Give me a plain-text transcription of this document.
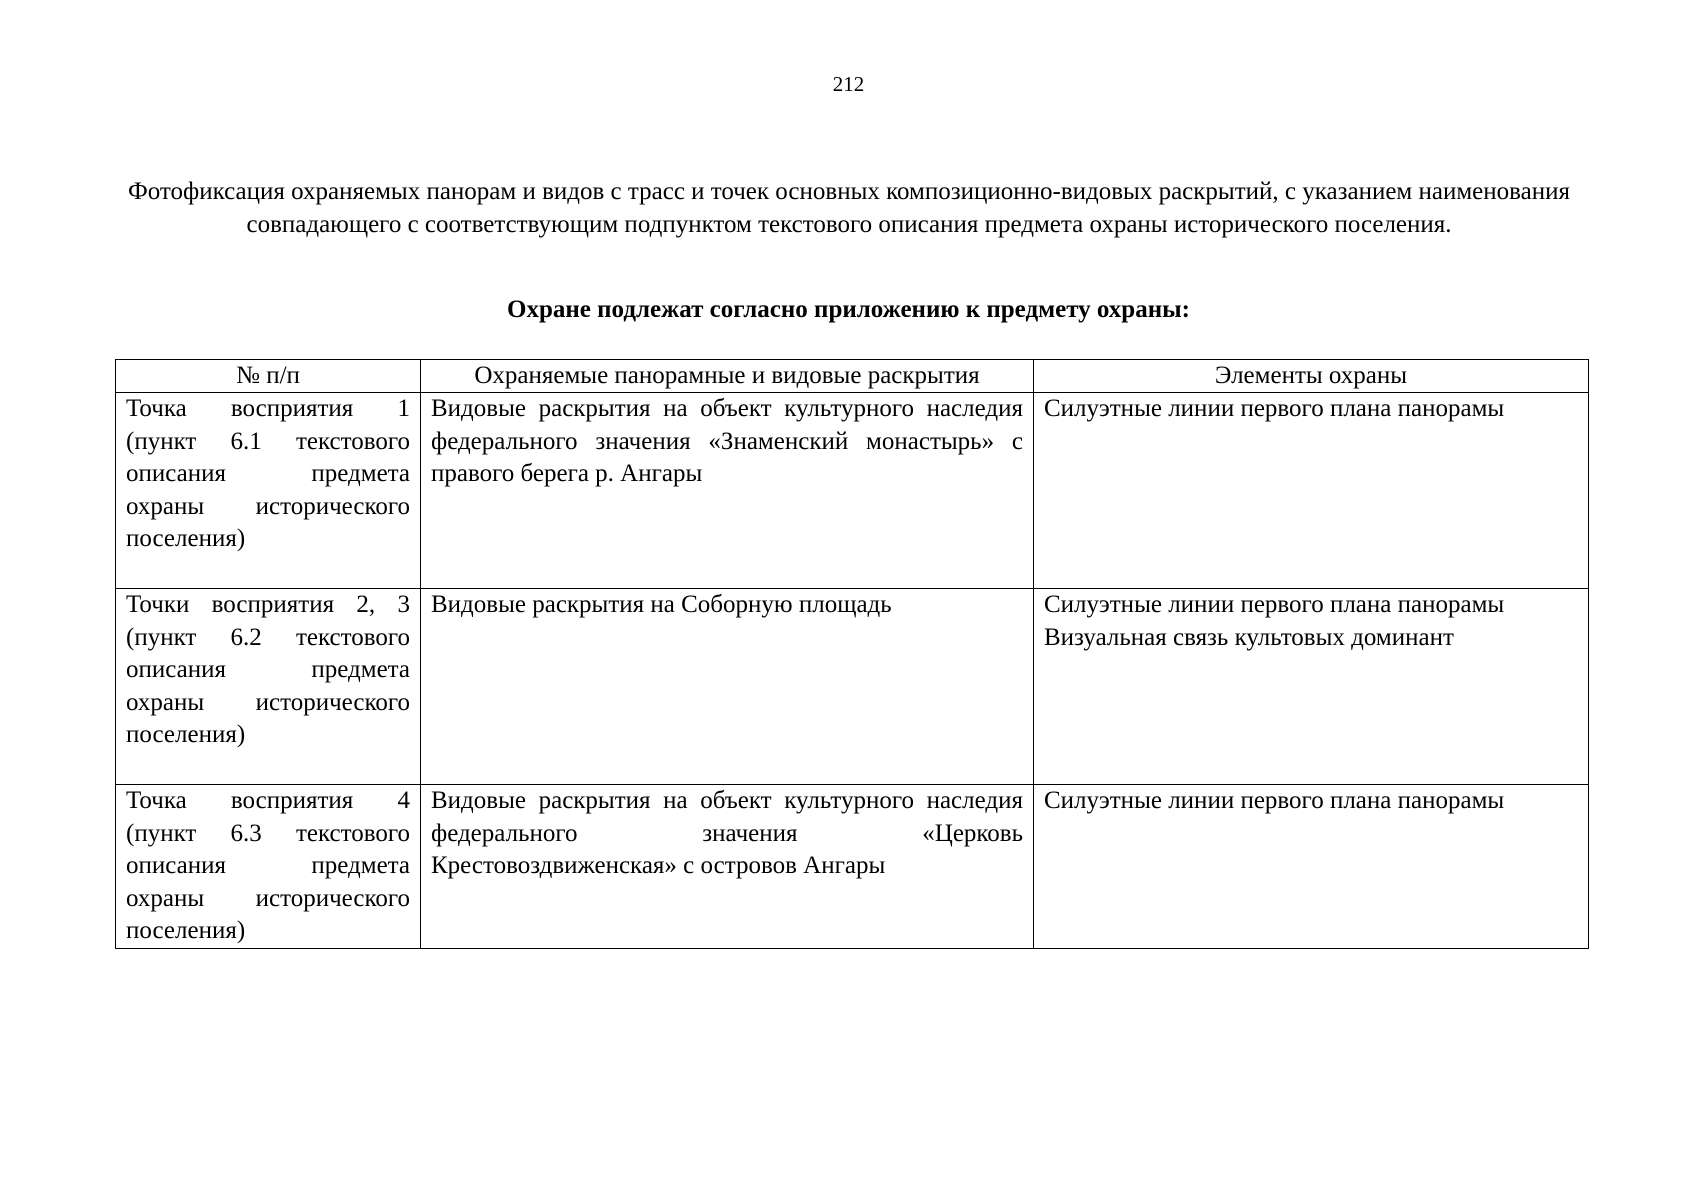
212
Фотофиксация охраняемых панорам и видов с трасс и точек основных композиционно-видовых раскрытий, с указанием наименования совпадающего с соответствующим подпунктом текстового описания предмета охраны исторического поселения.
Охране подлежат согласно приложению к предмету охраны:
№ п/п	Охраняемые панорамные и видовые раскрытия	Элементы охраны
Точка восприятия 1 (пункт 6.1 текстового описания предмета охраны исторического поселения)	Видовые раскрытия на объект культурного наследия федерального значения «Знаменский монастырь» с правого берега р. Ангары	Силуэтные линии первого плана панорамы

Точки восприятия 2, 3 (пункт 6.2 текстового описания предмета охраны исторического поселения)	Видовые раскрытия на Соборную площадь	Силуэтные линии первого плана панорамы
Визуальная связь культовых доминант

Точка восприятия 4 (пункт 6.3 текстового описания предмета охраны исторического поселения)	Видовые раскрытия на объект культурного наследия федерального значения «Церковь Крестовоздвиженская» с островов Ангары	Силуэтные линии первого плана панорамы
